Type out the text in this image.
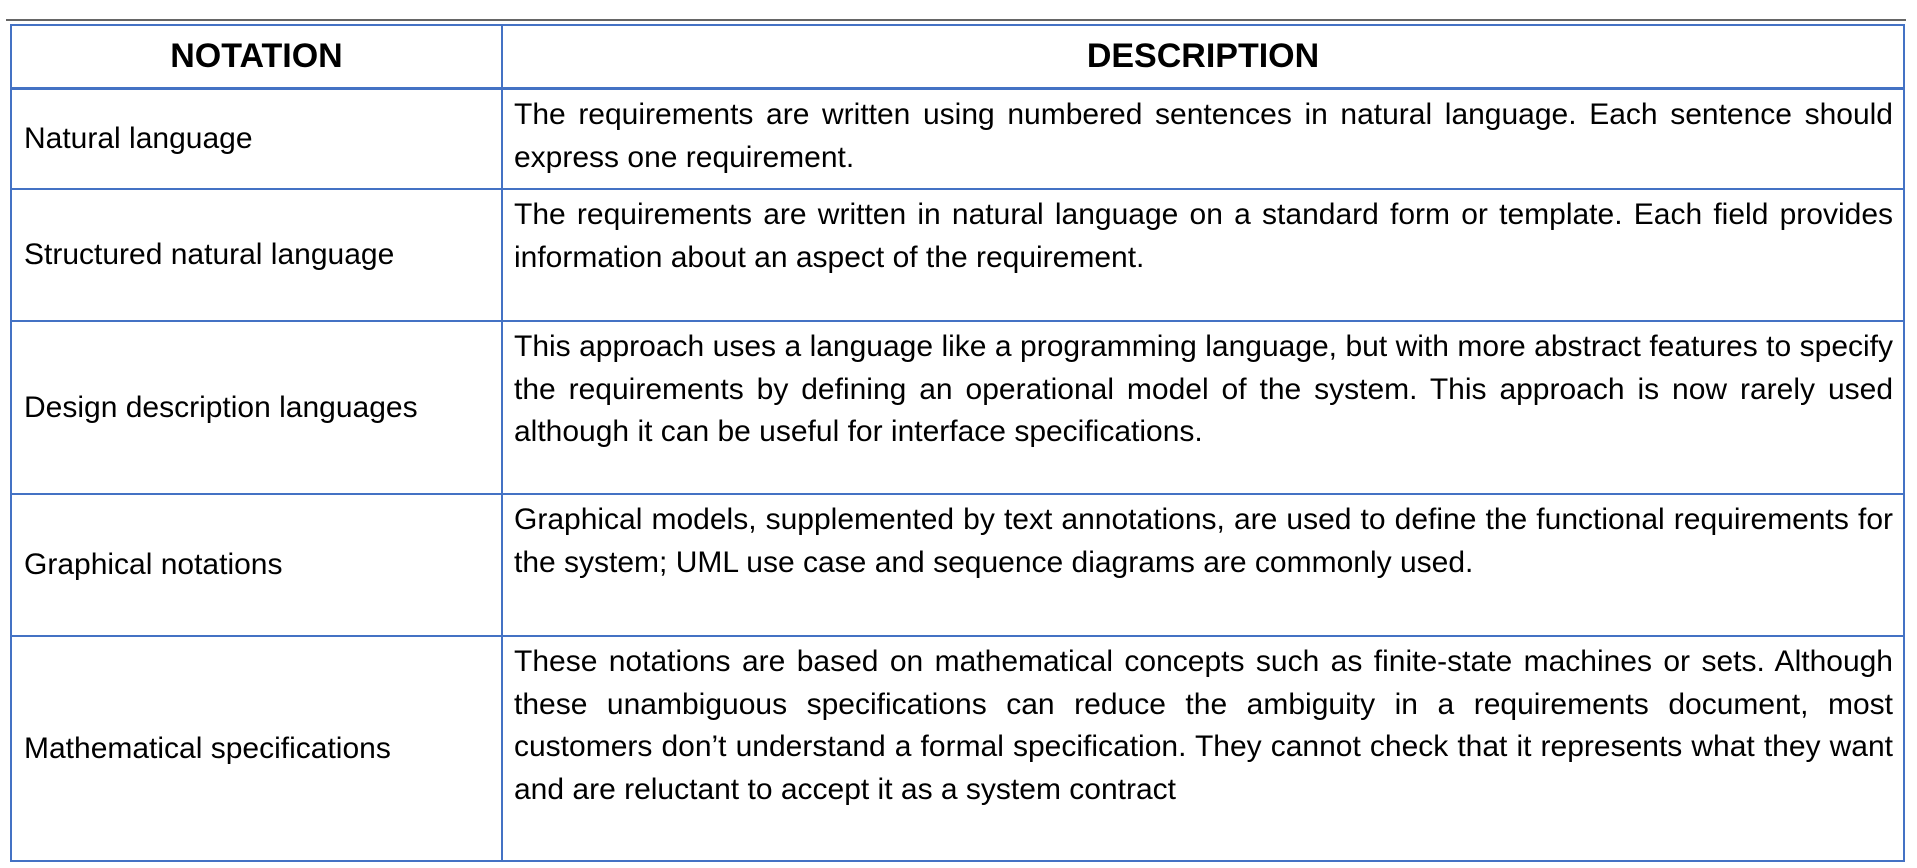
NOTATION	DESCRIPTION
Natural language
The requirements are written using numbered sentences in natural language. Each sentence should express one requirement.
Structured natural language
The requirements are written in natural language on a standard form or template. Each field provides information about an aspect of the requirement.
Design description languages
This approach uses a language like a programming language, but with more abstract features to specify the requirements by defining an operational model of the system. This approach is now rarely used although it can be useful for interface specifications.
Graphical notations
Graphical models, supplemented by text annotations, are used to define the functional requirements for the system; UML use case and sequence diagrams are commonly used.
Mathematical specifications
These notations are based on mathematical concepts such as finite-state machines or sets. Although these unambiguous specifications can reduce the ambiguity in a requirements document, most customers don’t understand a formal specification. They cannot check that it represents what they want and are reluctant to accept it as a system contract
